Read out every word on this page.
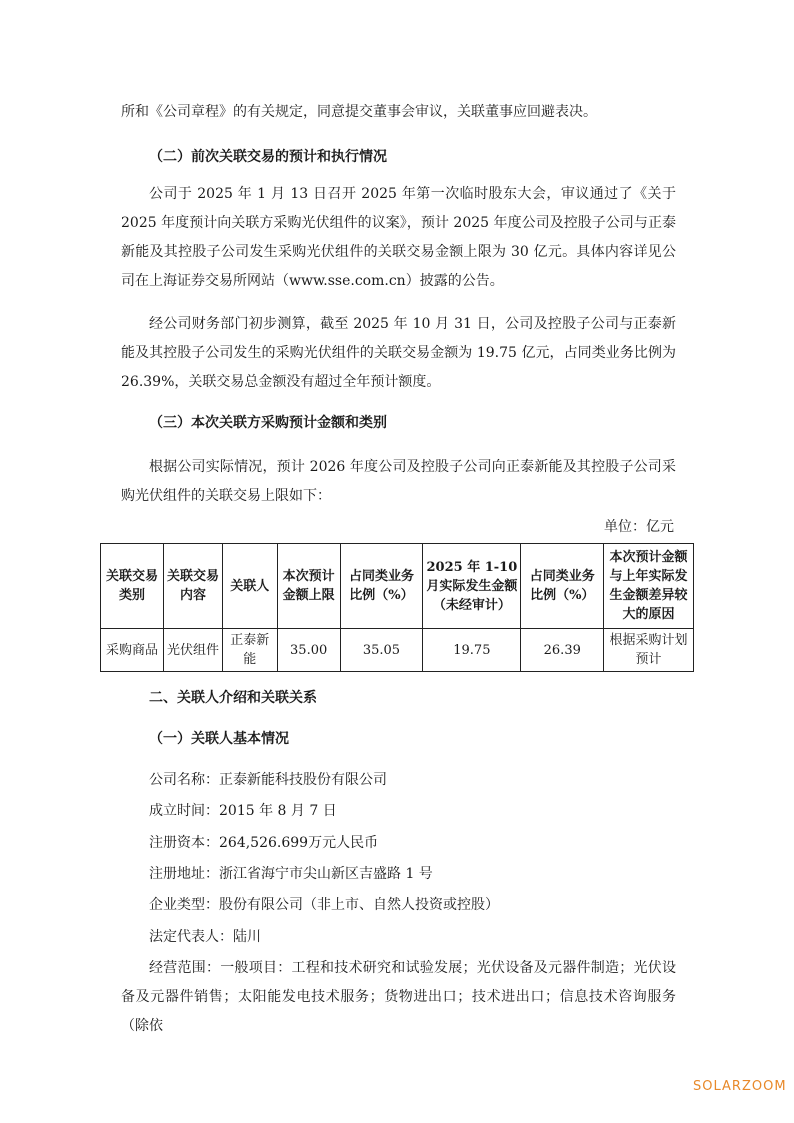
所和《公司章程》的有关规定，同意提交董事会审议，关联董事应回避表决。

（二）前次关联交易的预计和执行情况

公司于 2025 年 1 月 13 日召开 2025 年第一次临时股东大会，审议通过了《关于 2025 年度预计向关联方采购光伏组件的议案》，预计 2025 年度公司及控股子公司与正泰新能及其控股子公司发生采购光伏组件的关联交易金额上限为 30 亿元。具体内容详见公司在上海证券交易所网站（www.sse.com.cn）披露的公告。

经公司财务部门初步测算，截至 2025 年 10 月 31 日，公司及控股子公司与正泰新能及其控股子公司发生的采购光伏组件的关联交易金额为 19.75 亿元，占同类业务比例为 26.39%，关联交易总金额没有超过全年预计额度。

（三）本次关联方采购预计金额和类别

根据公司实际情况，预计 2026 年度公司及控股子公司向正泰新能及其控股子公司采购光伏组件的关联交易上限如下：

单位：亿元
关联交易类别	关联交易内容	关联人	本次预计金额上限	占同类业务比例（%）	2025 年 1-10 月实际发生金额（未经审计）	占同类业务比例（%）	本次预计金额与上年实际发生金额差异较大的原因
采购商品	光伏组件	正泰新能	35.00	35.05	19.75	26.39	根据采购计划预计
二、关联人介绍和关联关系
（一）关联人基本情况
公司名称：正泰新能科技股份有限公司
成立时间：2015 年 8 月 7 日
注册资本：264,526.699万元人民币
注册地址：浙江省海宁市尖山新区吉盛路 1 号
企业类型：股份有限公司（非上市、自然人投资或控股）
法定代表人：陆川

经营范围：一般项目：工程和技术研究和试验发展；光伏设备及元器件制造；光伏设备及元器件销售；太阳能发电技术服务；货物进出口；技术进出口；信息技术咨询服务（除依

SOLARZOOM
